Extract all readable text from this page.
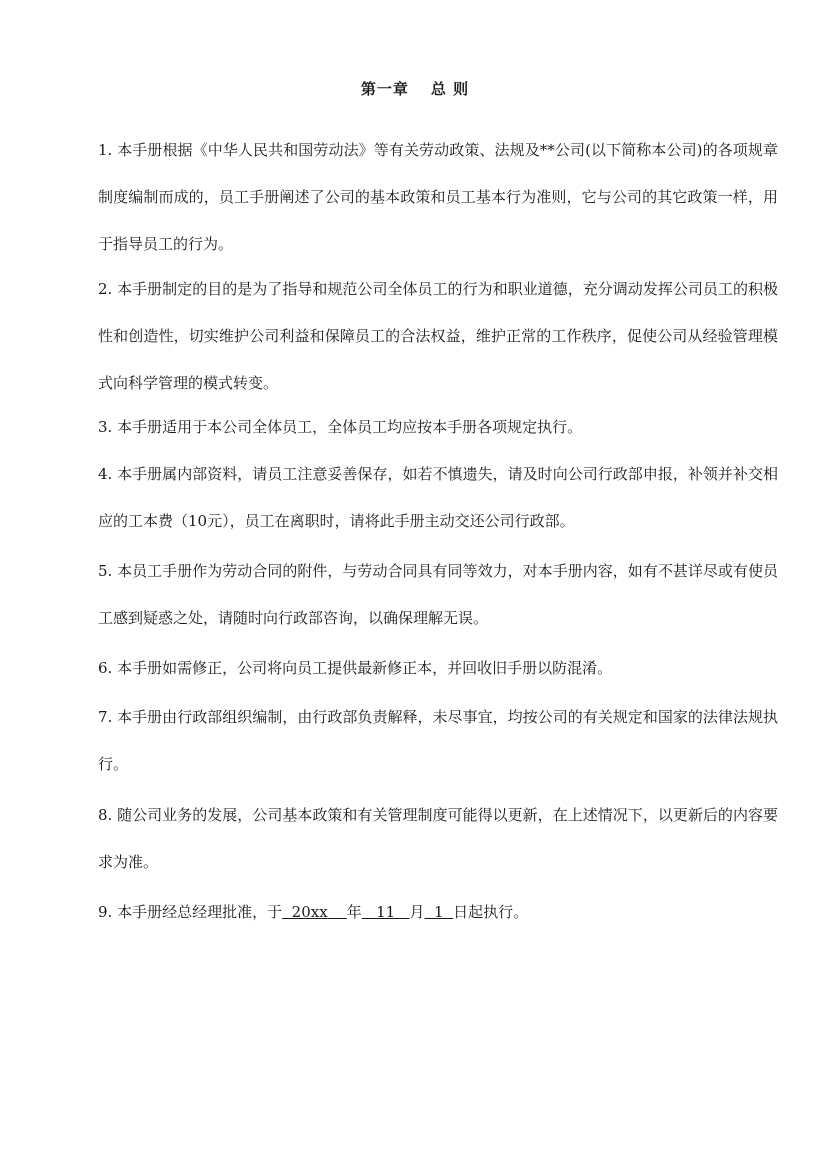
第一章 总 则
1. 本手册根据《中华人民共和国劳动法》等有关劳动政策、法规及**公司(以下简称本公司)的各项规章制度编制而成的，员工手册阐述了公司的基本政策和员工基本行为准则，它与公司的其它政策一样，用于指导员工的行为。
2. 本手册制定的目的是为了指导和规范公司全体员工的行为和职业道德，充分调动发挥公司员工的积极性和创造性，切实维护公司利益和保障员工的合法权益，维护正常的工作秩序，促使公司从经验管理模式向科学管理的模式转变。
3. 本手册适用于本公司全体员工，全体员工均应按本手册各项规定执行。
4. 本手册属内部资料，请员工注意妥善保存，如若不慎遗失，请及时向公司行政部申报，补领并补交相应的工本费（10元），员工在离职时，请将此手册主动交还公司行政部。
5. 本员工手册作为劳动合同的附件，与劳动合同具有同等效力，对本手册内容，如有不甚详尽或有使员工感到疑惑之处，请随时向行政部咨询，以确保理解无误。
6. 本手册如需修正，公司将向员工提供最新修正本，并回收旧手册以防混淆。
7. 本手册由行政部组织编制，由行政部负责解释，未尽事宜，均按公司的有关规定和国家的法律法规执行。
8. 随公司业务的发展，公司基本政策和有关管理制度可能得以更新，在上述情况下，以更新后的内容要求为准。
9. 本手册经总经理批准，于 20xx 年 11 月 1 日起执行。
